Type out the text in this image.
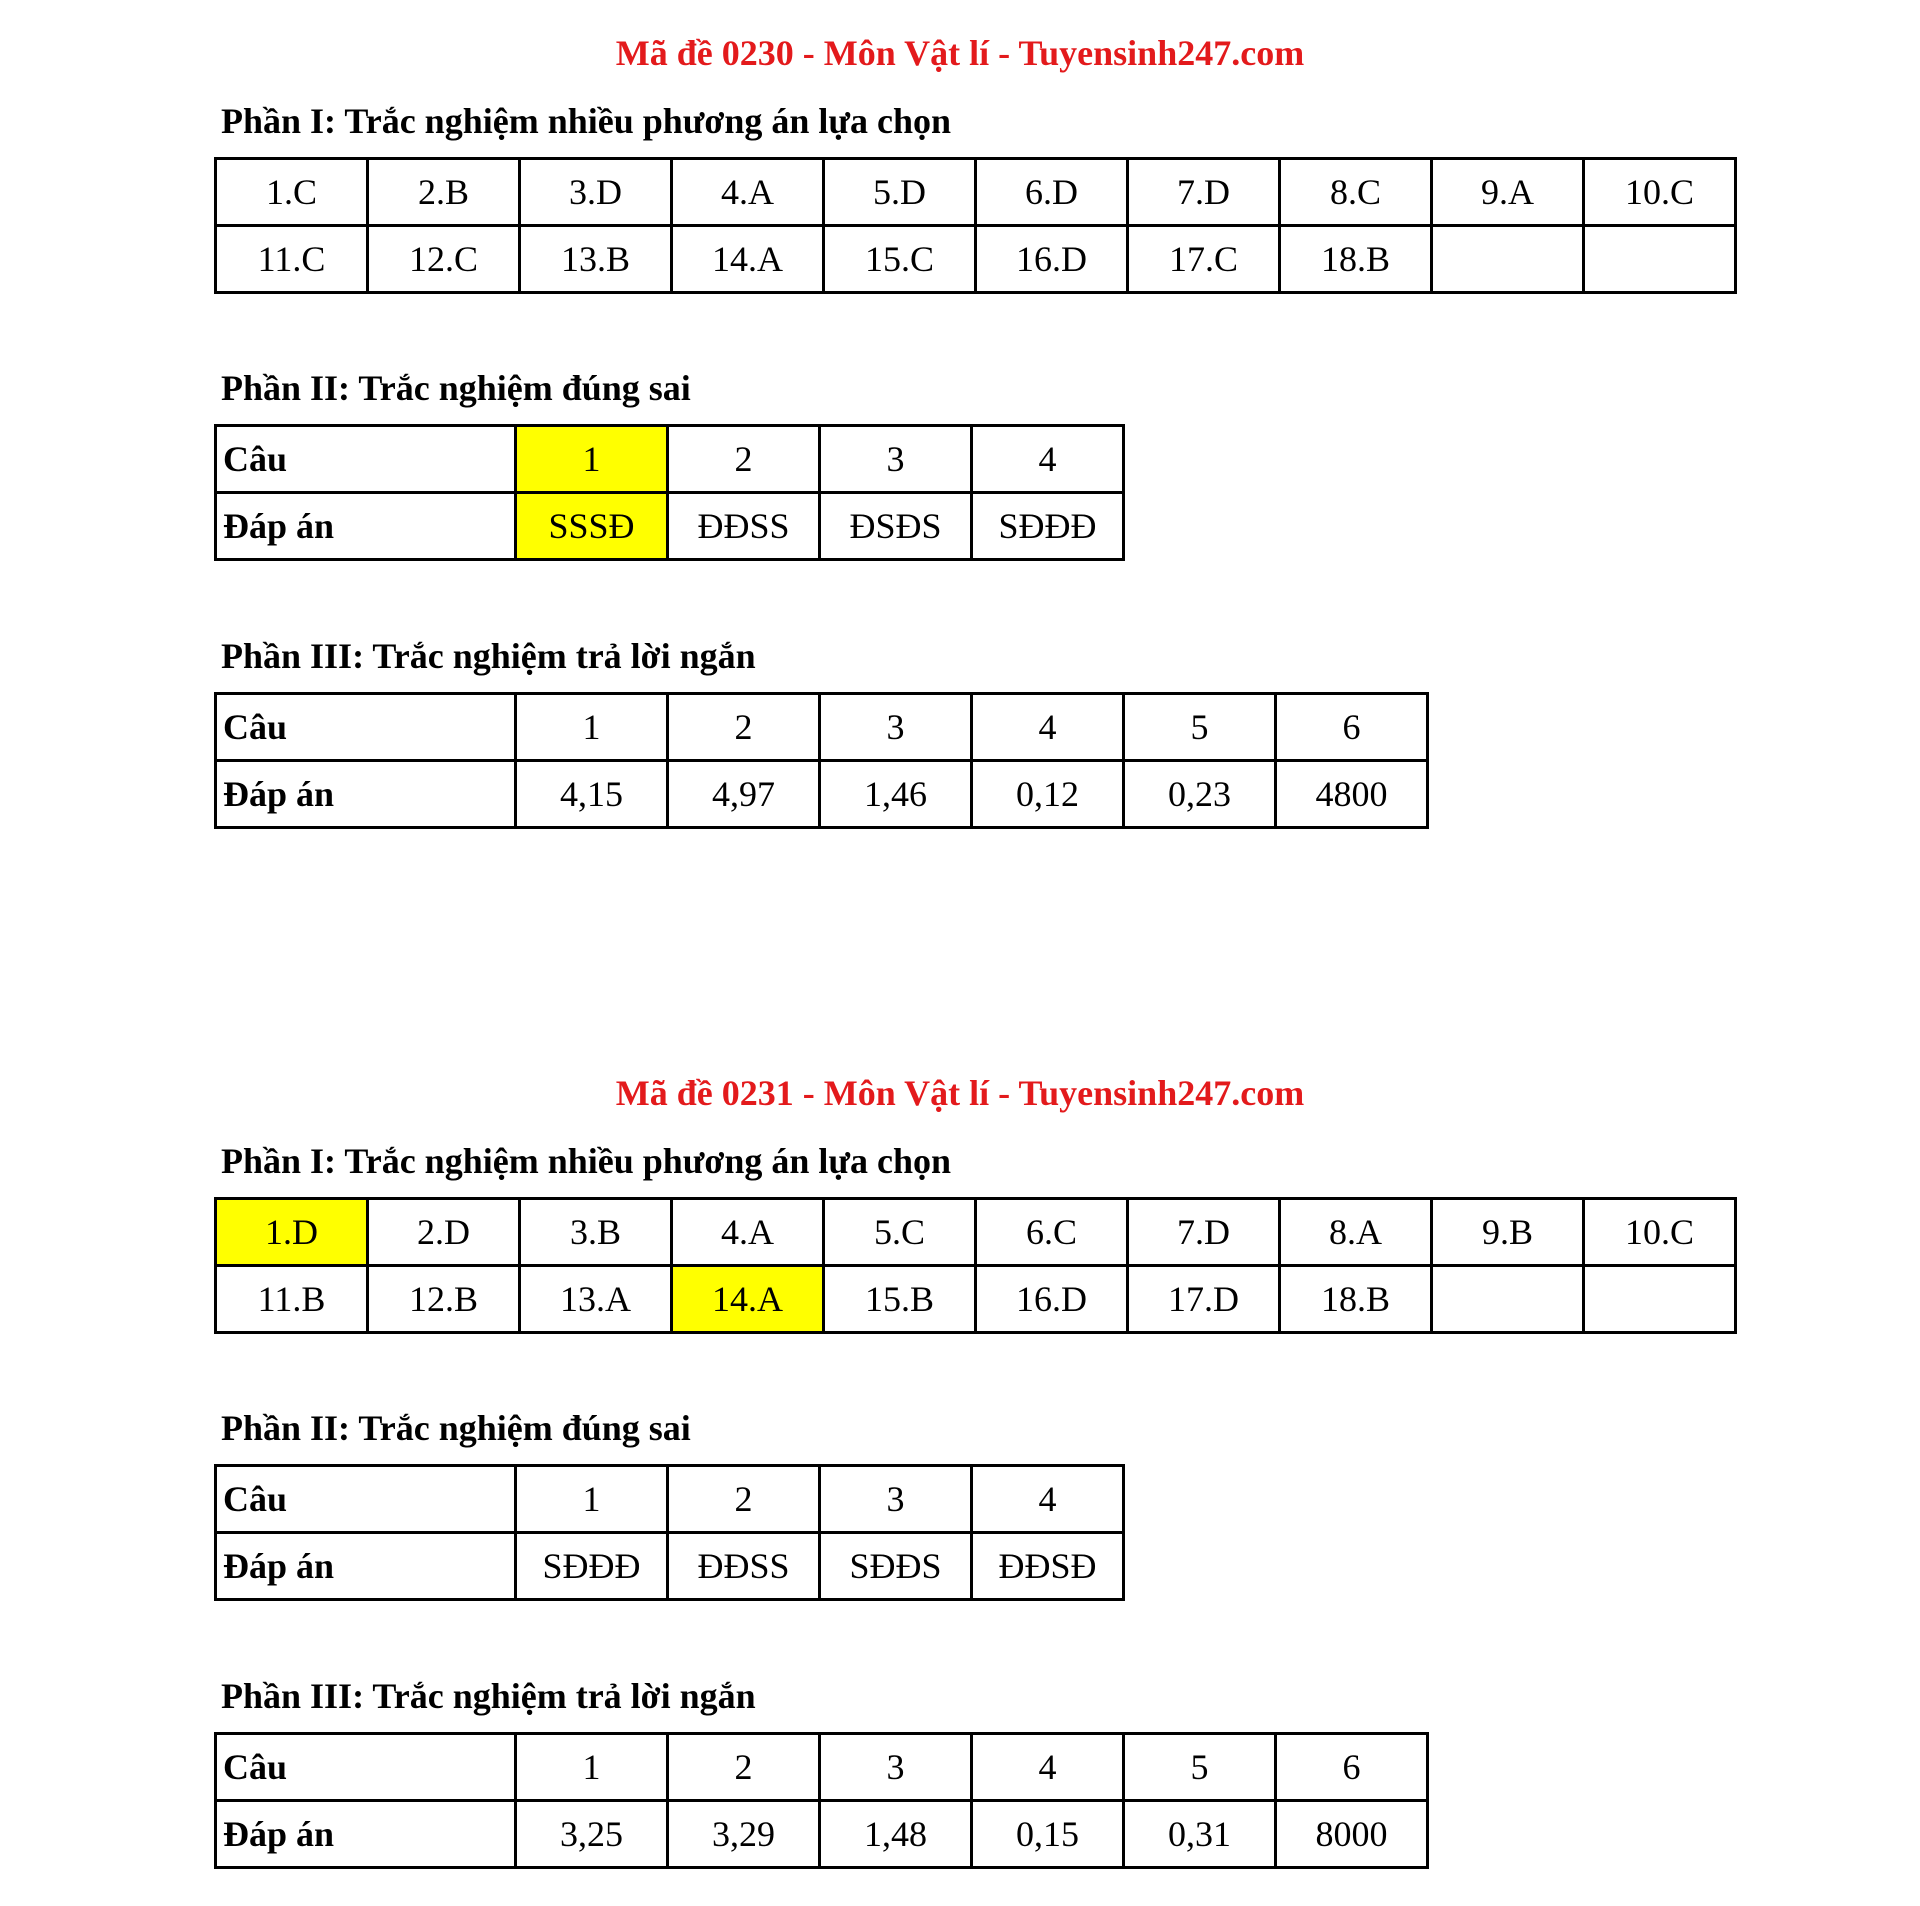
Mã đề 0230 - Môn Vật lí - Tuyensinh247.com
Phần I: Trắc nghiệm nhiều phương án lựa chọn
1.C	2.B	3.D	4.A	5.D	6.D	7.D	8.C	9.A	10.C
11.C	12.C	13.B	14.A	15.C	16.D	17.C	18.B		
Phần II: Trắc nghiệm đúng sai
Câu	1	2	3	4
Đáp án	SSSĐ	ĐĐSS	ĐSĐS	SĐĐĐ
Phần III: Trắc nghiệm trả lời ngắn
Câu	1	2	3	4	5	6
Đáp án	4,15	4,97	1,46	0,12	0,23	4800
Mã đề 0231 - Môn Vật lí - Tuyensinh247.com
Phần I: Trắc nghiệm nhiều phương án lựa chọn
1.D	2.D	3.B	4.A	5.C	6.C	7.D	8.A	9.B	10.C
11.B	12.B	13.A	14.A	15.B	16.D	17.D	18.B		
Phần II: Trắc nghiệm đúng sai
Câu	1	2	3	4
Đáp án	SĐĐĐ	ĐĐSS	SĐĐS	ĐĐSĐ
Phần III: Trắc nghiệm trả lời ngắn
Câu	1	2	3	4	5	6
Đáp án	3,25	3,29	1,48	0,15	0,31	8000
